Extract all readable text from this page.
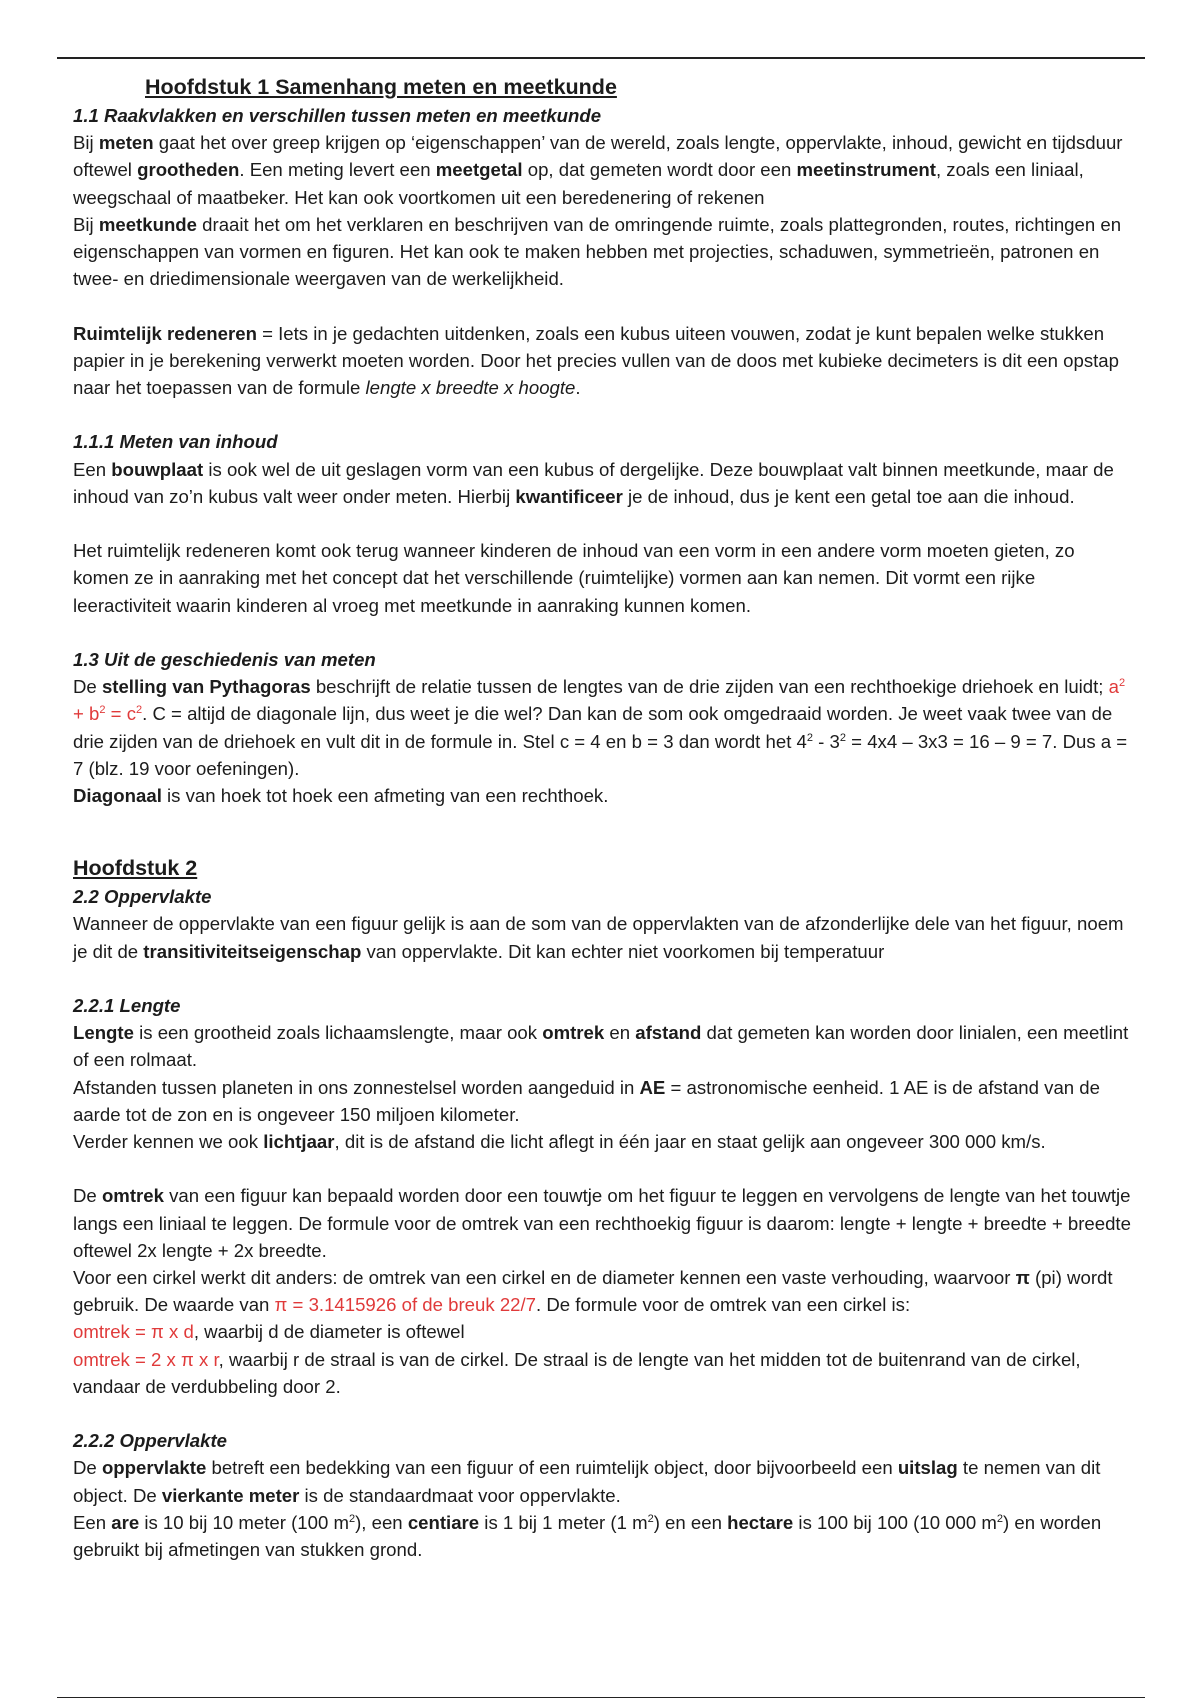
Hoofdstuk 1 Samenhang meten en meetkunde

1.1 Raakvlakken en verschillen tussen meten en meetkunde

Bij meten gaat het over greep krijgen op ‘eigenschappen’ van de wereld, zoals lengte, oppervlakte, inhoud, gewicht en tijdsduur oftewel grootheden. Een meting levert een meetgetal op, dat gemeten wordt door een meetinstrument, zoals een liniaal, weegschaal of maatbeker. Het kan ook voortkomen uit een beredenering of rekenen

Bij meetkunde draait het om het verklaren en beschrijven van de omringende ruimte, zoals plattegronden, routes, richtingen en eigenschappen van vormen en figuren. Het kan ook te maken hebben met projecties, schaduwen, symmetrieën, patronen en twee- en driedimensionale weergaven van de werkelijkheid.

Ruimtelijk redeneren = Iets in je gedachten uitdenken, zoals een kubus uiteen vouwen, zodat je kunt bepalen welke stukken papier in je berekening verwerkt moeten worden. Door het precies vullen van de doos met kubieke decimeters is dit een opstap naar het toepassen van de formule lengte x breedte x hoogte.

1.1.1 Meten van inhoud

Een bouwplaat is ook wel de uit geslagen vorm van een kubus of dergelijke. Deze bouwplaat valt binnen meetkunde, maar de inhoud van zo’n kubus valt weer onder meten. Hierbij kwantificeer je de inhoud, dus je kent een getal toe aan die inhoud.

Het ruimtelijk redeneren komt ook terug wanneer kinderen de inhoud van een vorm in een andere vorm moeten gieten, zo komen ze in aanraking met het concept dat het verschillende (ruimtelijke) vormen aan kan nemen. Dit vormt een rijke leeractiviteit waarin kinderen al vroeg met meetkunde in aanraking kunnen komen.

1.3 Uit de geschiedenis van meten

De stelling van Pythagoras beschrijft de relatie tussen de lengtes van de drie zijden van een rechthoekige driehoek en luidt; $a^2 + b^2 = c^2$. C = altijd de diagonale lijn, dus weet je die wel? Dan kan de som ook omgedraaid worden. Je weet vaak twee van de drie zijden van de driehoek en vult dit in de formule in. Stel c = 4 en b = 3 dan wordt het $4^2 - 3^2 = 4x4 - 3x3 = 16 - 9 = 7$. Dus a = 7 (blz. 19 voor oefeningen).

Diagonaal is van hoek tot hoek een afmeting van een rechthoek.

Hoofdstuk 2

2.2 Oppervlakte

Wanneer de oppervlakte van een figuur gelijk is aan de som van de oppervlakten van de afzonderlijke dele van het figuur, noem je dit de transitiviteitseigenschap van oppervlakte. Dit kan echter niet voorkomen bij temperatuur

2.2.1 Lengte

Lengte is een grootheid zoals lichaamslengte, maar ook omtrek en afstand dat gemeten kan worden door linialen, een meetlint of een rolmaat.

Afstanden tussen planeten in ons zonnestelsel worden aangeduid in AE = astronomische eenheid. 1 AE is de afstand van de aarde tot de zon en is ongeveer 150 miljoen kilometer.

Verder kennen we ook lichtjaar, dit is de afstand die licht aflegt in één jaar en staat gelijk aan ongeveer 300 000 km/s.

De omtrek van een figuur kan bepaald worden door een touwtje om het figuur te leggen en vervolgens de lengte van het touwtje langs een liniaal te leggen. De formule voor de omtrek van een rechthoekig figuur is daarom: lengte + lengte + breedte + breedte oftewel 2x lengte + 2x breedte.

Voor een cirkel werkt dit anders: de omtrek van een cirkel en de diameter kennen een vaste verhouding, waarvoor π (pi) wordt gebruik. De waarde van π = 3.1415926 of de breuk 22/7. De formule voor de omtrek van een cirkel is:

omtrek = π x d, waarbij d de diameter is oftewel

omtrek = 2 x π x r, waarbij r de straal is van de cirkel. De straal is de lengte van het midden tot de buitenrand van de cirkel, vandaar de verdubbeling door 2.

2.2.2 Oppervlakte

De oppervlakte betreft een bedekking van een figuur of een ruimtelijk object, door bijvoorbeeld een uitslag te nemen van dit object. De vierkante meter is de standaardmaat voor oppervlakte.

Een are is 10 bij 10 meter (100 $m^2$), een centiare is 1 bij 1 meter (1 $m^2$) en een hectare is 100 bij 100 (10 000 $m^2$) en worden gebruikt bij afmetingen van stukken grond.
